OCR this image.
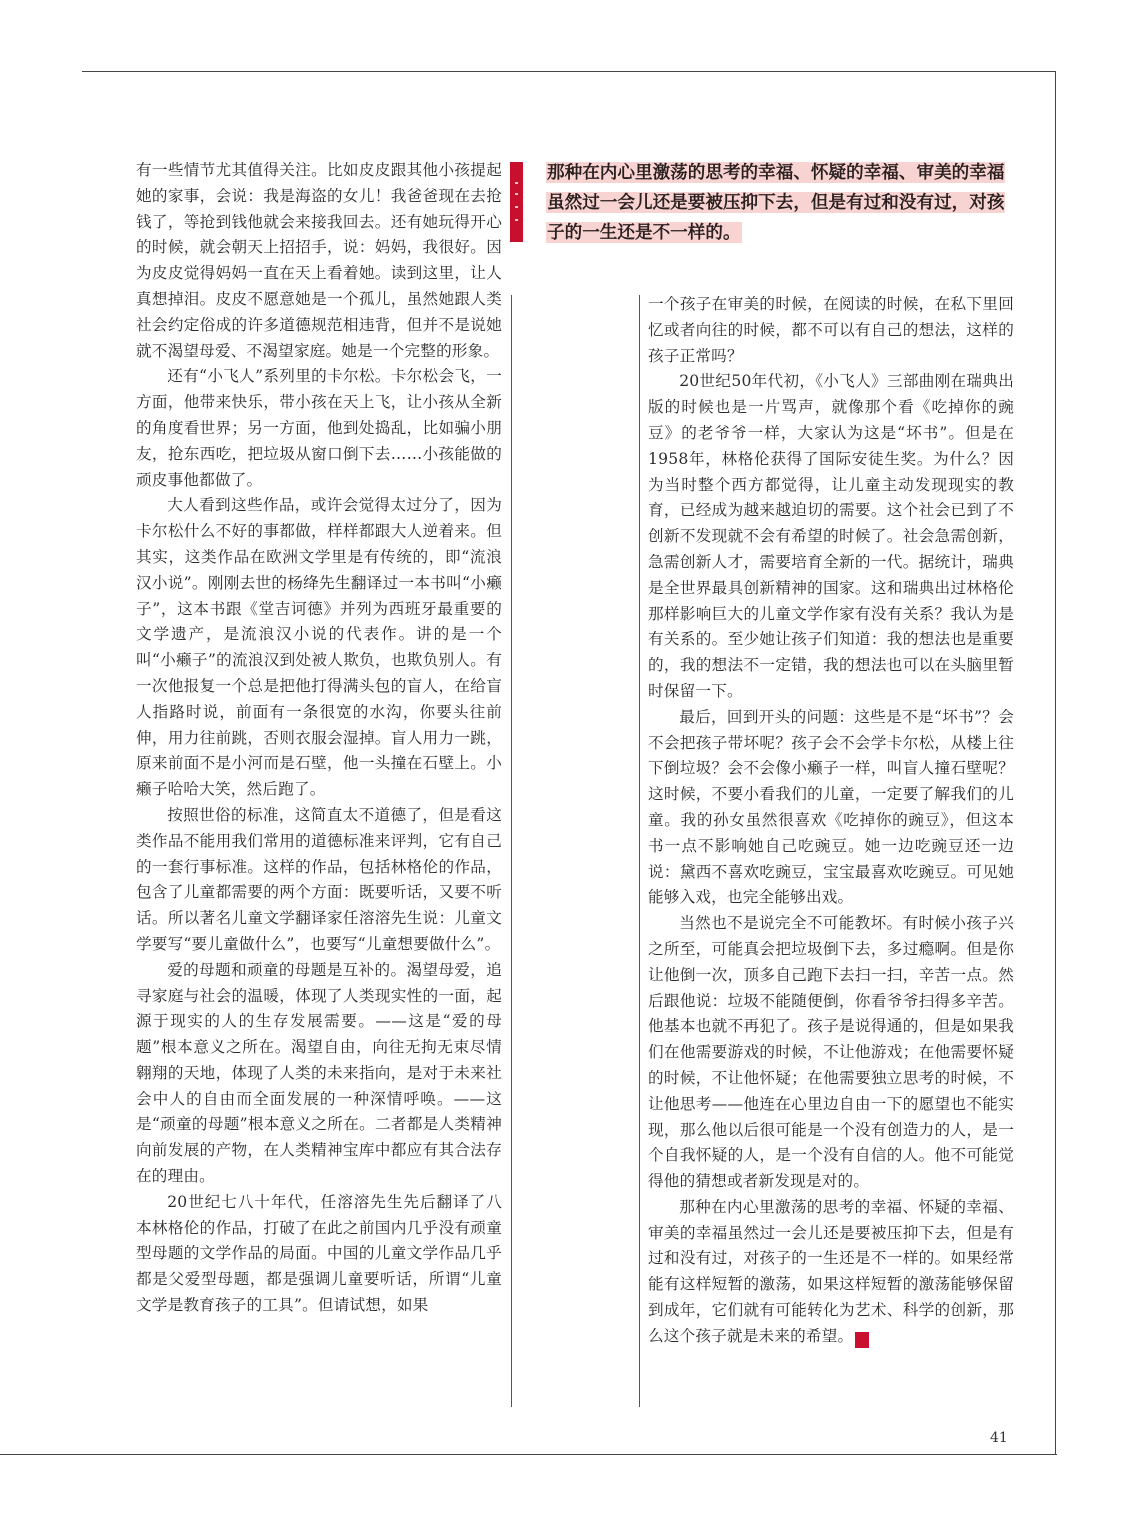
那种在内心里激荡的思考的幸福、怀疑的幸福、审美的幸福虽然过一会儿还是要被压抑下去，但是有过和没有过，对孩子的一生还是不一样的。

有一些情节尤其值得关注。比如皮皮跟其他小孩提起她的家事，会说：我是海盗的女儿！我爸爸现在去抢钱了，等抢到钱他就会来接我回去。还有她玩得开心的时候，就会朝天上招招手，说：妈妈，我很好。因为皮皮觉得妈妈一直在天上看着她。读到这里，让人真想掉泪。皮皮不愿意她是一个孤儿，虽然她跟人类社会约定俗成的许多道德规范相违背，但并不是说她就不渴望母爱、不渴望家庭。她是一个完整的形象。

还有“小飞人”系列里的卡尔松。卡尔松会飞，一方面，他带来快乐，带小孩在天上飞，让小孩从全新的角度看世界；另一方面，他到处捣乱，比如骗小朋友，抢东西吃，把垃圾从窗口倒下去……小孩能做的顽皮事他都做了。

大人看到这些作品，或许会觉得太过分了，因为卡尔松什么不好的事都做，样样都跟大人逆着来。但其实，这类作品在欧洲文学里是有传统的，即“流浪汉小说”。刚刚去世的杨绛先生翻译过一本书叫“小癞子”，这本书跟《堂吉诃德》并列为西班牙最重要的文学遗产，是流浪汉小说的代表作。讲的是一个叫“小癞子”的流浪汉到处被人欺负，也欺负别人。有一次他报复一个总是把他打得满头包的盲人，在给盲人指路时说，前面有一条很宽的水沟，你要头往前伸，用力往前跳，否则衣服会湿掉。盲人用力一跳，原来前面不是小河而是石壁，他一头撞在石壁上。小癞子哈哈大笑，然后跑了。

按照世俗的标准，这简直太不道德了，但是看这类作品不能用我们常用的道德标准来评判，它有自己的一套行事标准。这样的作品，包括林格伦的作品，包含了儿童都需要的两个方面：既要听话，又要不听话。所以著名儿童文学翻译家任溶溶先生说：儿童文学要写“要儿童做什么”，也要写“儿童想要做什么”。

爱的母题和顽童的母题是互补的。渴望母爱，追寻家庭与社会的温暖，体现了人类现实性的一面，起源于现实的人的生存发展需要。——这是“爱的母题”根本意义之所在。渴望自由，向往无拘无束尽情翱翔的天地，体现了人类的未来指向，是对于未来社会中人的自由而全面发展的一种深情呼唤。——这是“顽童的母题”根本意义之所在。二者都是人类精神向前发展的产物，在人类精神宝库中都应有其合法存在的理由。

20世纪七八十年代，任溶溶先生先后翻译了八本林格伦的作品，打破了在此之前国内几乎没有顽童型母题的文学作品的局面。中国的儿童文学作品几乎都是父爱型母题，都是强调儿童要听话，所谓“儿童文学是教育孩子的工具”。但请试想，如果

一个孩子在审美的时候，在阅读的时候，在私下里回忆或者向往的时候，都不可以有自己的想法，这样的孩子正常吗？

20世纪50年代初，《小飞人》三部曲刚在瑞典出版的时候也是一片骂声，就像那个看《吃掉你的豌豆》的老爷爷一样，大家认为这是“坏书”。但是在1958年，林格伦获得了国际安徒生奖。为什么？因为当时整个西方都觉得，让儿童主动发现现实的教育，已经成为越来越迫切的需要。这个社会已到了不创新不发现就不会有希望的时候了。社会急需创新，急需创新人才，需要培育全新的一代。据统计，瑞典是全世界最具创新精神的国家。这和瑞典出过林格伦那样影响巨大的儿童文学作家有没有关系？我认为是有关系的。至少她让孩子们知道：我的想法也是重要的，我的想法不一定错，我的想法也可以在头脑里暂时保留一下。

最后，回到开头的问题：这些是不是“坏书”？会不会把孩子带坏呢？孩子会不会学卡尔松，从楼上往下倒垃圾？会不会像小癞子一样，叫盲人撞石壁呢？这时候，不要小看我们的儿童，一定要了解我们的儿童。我的孙女虽然很喜欢《吃掉你的豌豆》，但这本书一点不影响她自己吃豌豆。她一边吃豌豆还一边说：黛西不喜欢吃豌豆，宝宝最喜欢吃豌豆。可见她能够入戏，也完全能够出戏。

当然也不是说完全不可能教坏。有时候小孩子兴之所至，可能真会把垃圾倒下去，多过瘾啊。但是你让他倒一次，顶多自己跑下去扫一扫，辛苦一点。然后跟他说：垃圾不能随便倒，你看爷爷扫得多辛苦。他基本也就不再犯了。孩子是说得通的，但是如果我们在他需要游戏的时候，不让他游戏；在他需要怀疑的时候，不让他怀疑；在他需要独立思考的时候，不让他思考——他连在心里边自由一下的愿望也不能实现，那么他以后很可能是一个没有创造力的人，是一个自我怀疑的人，是一个没有自信的人。他不可能觉得他的猜想或者新发现是对的。

那种在内心里激荡的思考的幸福、怀疑的幸福、审美的幸福虽然过一会儿还是要被压抑下去，但是有过和没有过，对孩子的一生还是不一样的。如果经常能有这样短暂的激荡，如果这样短暂的激荡能够保留到成年，它们就有可能转化为艺术、科学的创新，那么这个孩子就是未来的希望。	家

41
